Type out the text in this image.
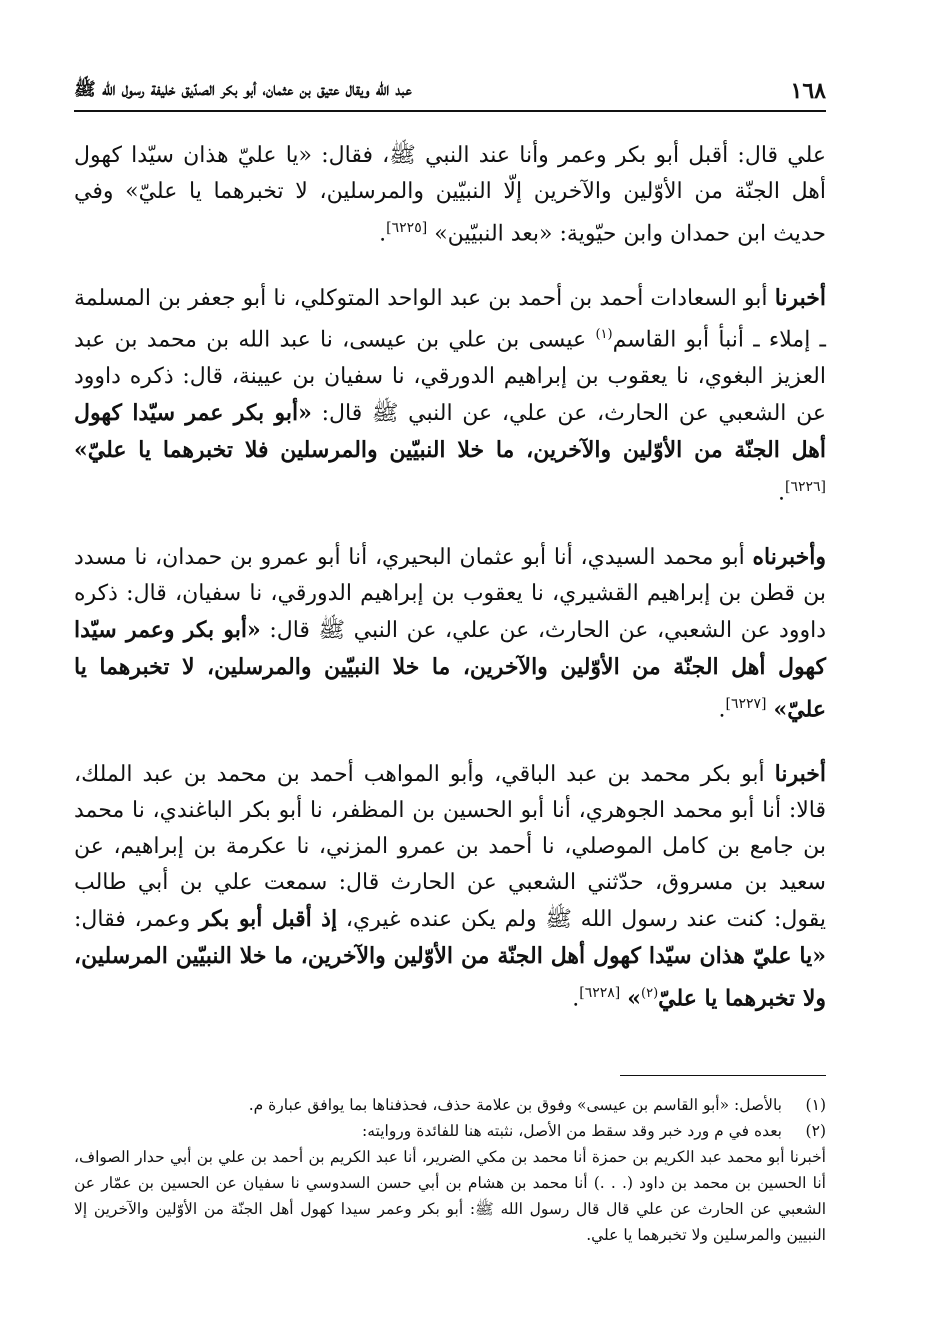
١٦٨
عبد الله ويقال عتيق بن عثمان، أبو بكر الصدّيق خليفة رسول الله ﷺ

علي قال: أقبل أبو بكر وعمر وأنا عند النبي ﷺ، فقال: «يا عليّ هذان سيّدا كهول أهل الجنّة من الأوّلين والآخرين إلّا النبيّين والمرسلين، لا تخبرهما يا عليّ» وفي حديث ابن حمدان وابن حيّوية: «بعد النبيّين» [٦٢٢٥].

أخبرنا أبو السعادات أحمد بن أحمد بن عبد الواحد المتوكلي، نا أبو جعفر بن المسلمة ـ إملاء ـ أنبأ أبو القاسم$^{(١)}$ عيسى بن علي بن عيسى، نا عبد الله بن محمد بن عبد العزيز البغوي، نا يعقوب بن إبراهيم الدورقي، نا سفيان بن عيينة، قال: ذكره داوود عن الشعبي عن الحارث، عن علي، عن النبي ﷺ قال: «أبو بكر عمر سيّدا كهول أهل الجنّة من الأوّلين والآخرين، ما خلا النبيّين والمرسلين فلا تخبرهما يا عليّ» [٦٢٢٦].

وأخبرناه أبو محمد السيدي، أنا أبو عثمان البحيري، أنا أبو عمرو بن حمدان، نا مسدد بن قطن بن إبراهيم القشيري، نا يعقوب بن إبراهيم الدورقي، نا سفيان، قال: ذكره داوود عن الشعبي، عن الحارث، عن علي، عن النبي ﷺ قال: «أبو بكر وعمر سيّدا كهول أهل الجنّة من الأوّلين والآخرين، ما خلا النبيّين والمرسلين، لا تخبرهما يا عليّ» [٦٢٢٧].

أخبرنا أبو بكر محمد بن عبد الباقي، وأبو المواهب أحمد بن محمد بن عبد الملك، قالا: أنا أبو محمد الجوهري، أنا أبو الحسين بن المظفر، نا أبو بكر الباغندي، نا محمد بن جامع بن كامل الموصلي، نا أحمد بن عمرو المزني، نا عكرمة بن إبراهيم، عن سعيد بن مسروق، حدّثني الشعبي عن الحارث قال: سمعت علي بن أبي طالب يقول: كنت عند رسول الله ﷺ ولم يكن عنده غيري، إذ أقبل أبو بكر وعمر، فقال: «يا عليّ هذان سيّدا كهول أهل الجنّة من الأوّلين والآخرين، ما خلا النبيّين المرسلين، ولا تخبرهما يا عليّ$^{(٢)}$» [٦٢٢٨].

(١)
بالأصل: «أبو القاسم بن عيسى» وفوق بن علامة حذف، فحذفناها بما يوافق عبارة م.
(٢)
بعده في م ورد خبر وقد سقط من الأصل، نثبته هنا للفائدة وروايته:
أخبرنا أبو محمد عبد الكريم بن حمزة أنا محمد بن مكي الضرير، أنا عبد الكريم بن أحمد بن علي بن أبي حدار الصواف، أنا الحسين بن محمد بن داود (. . .) أنا محمد بن هشام بن أبي حسن السدوسي نا سفيان عن الحسين بن عمّار عن الشعبي عن الحارث عن علي قال قال رسول الله ﷺ: أبو بكر وعمر سيدا كهول أهل الجنّة من الأوّلين والآخرين إلا النبيين والمرسلين ولا تخبرهما يا علي.
